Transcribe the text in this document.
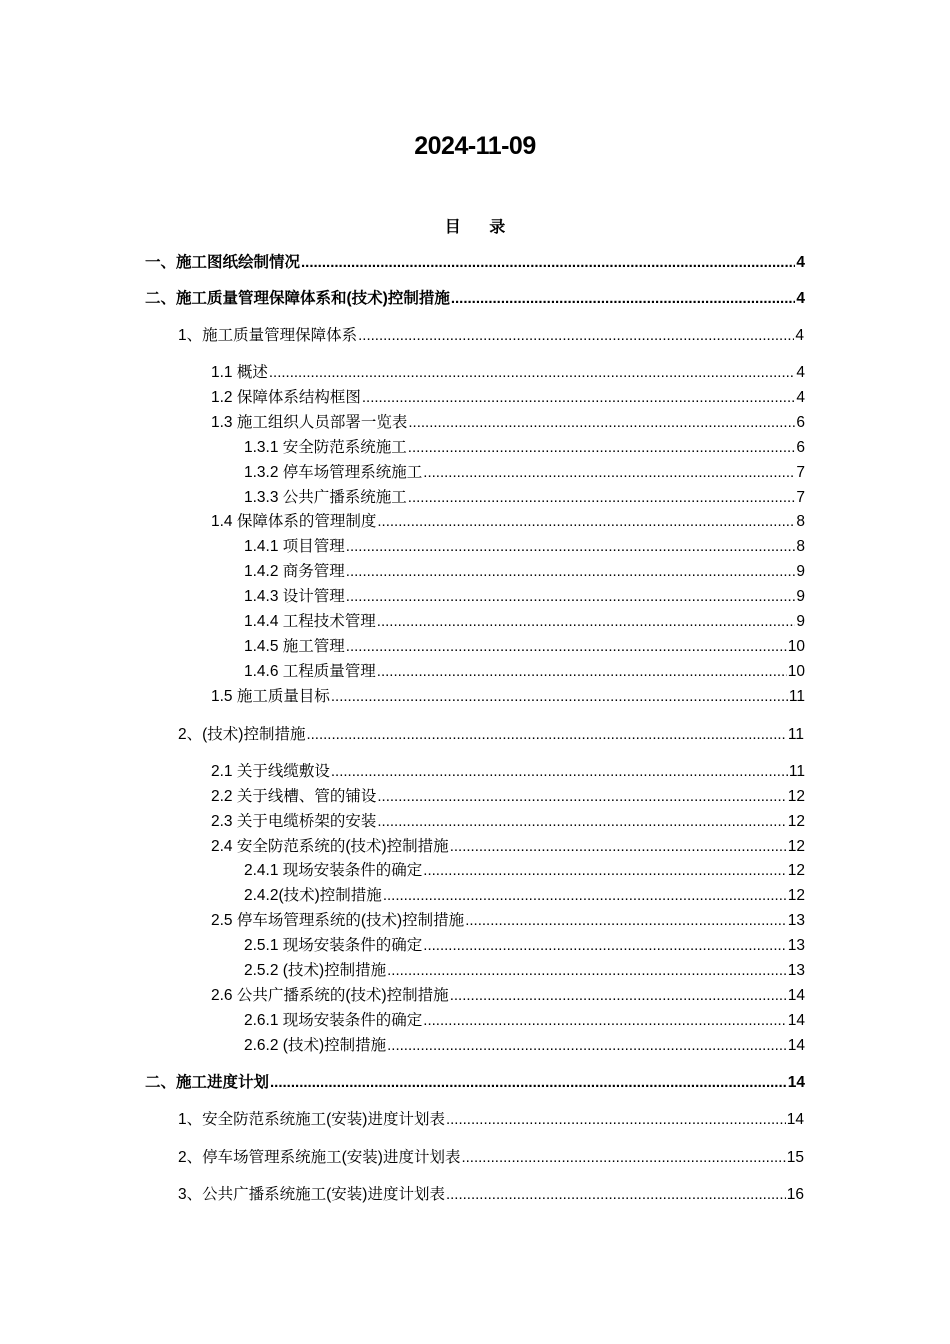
2024-11-09
目 录
一、施工图纸绘制情况 .....	4
二、施工质量管理保障体系和(技术)控制措施 .....	4
1、施工质量管理保障体系 .....	4
1.1 概述 .....	4
1.2 保障体系结构框图 .....	4
1.3 施工组织人员部署一览表 .....	6
1.3.1 安全防范系统施工 .....	6
1.3.2 停车场管理系统施工 .....	7
1.3.3 公共广播系统施工 .....	7
1.4 保障体系的管理制度 .....	8
1.4.1 项目管理 .....	8
1.4.2 商务管理 .....	9
1.4.3 设计管理 .....	9
1.4.4 工程技术管理 .....	9
1.4.5 施工管理 .....	10
1.4.6 工程质量管理 .....	10
1.5 施工质量目标 .....	11
2、(技术)控制措施 .....	11
2.1 关于线缆敷设 .....	11
2.2 关于线槽、管的铺设 .....	12
2.3 关于电缆桥架的安装 .....	12
2.4 安全防范系统的(技术)控制措施 .....	12
2.4.1 现场安装条件的确定 .....	12
2.4.2(技术)控制措施 .....	12
2.5 停车场管理系统的(技术)控制措施 .....	13
2.5.1 现场安装条件的确定 .....	13
2.5.2 (技术)控制措施 .....	13
2.6 公共广播系统的(技术)控制措施 .....	14
2.6.1 现场安装条件的确定 .....	14
2.6.2 (技术)控制措施 .....	14
二、施工进度计划 .....	14
1、安全防范系统施工(安装)进度计划表 .....	14
2、停车场管理系统施工(安装)进度计划表 .....	15
3、公共广播系统施工(安装)进度计划表 .....	16
